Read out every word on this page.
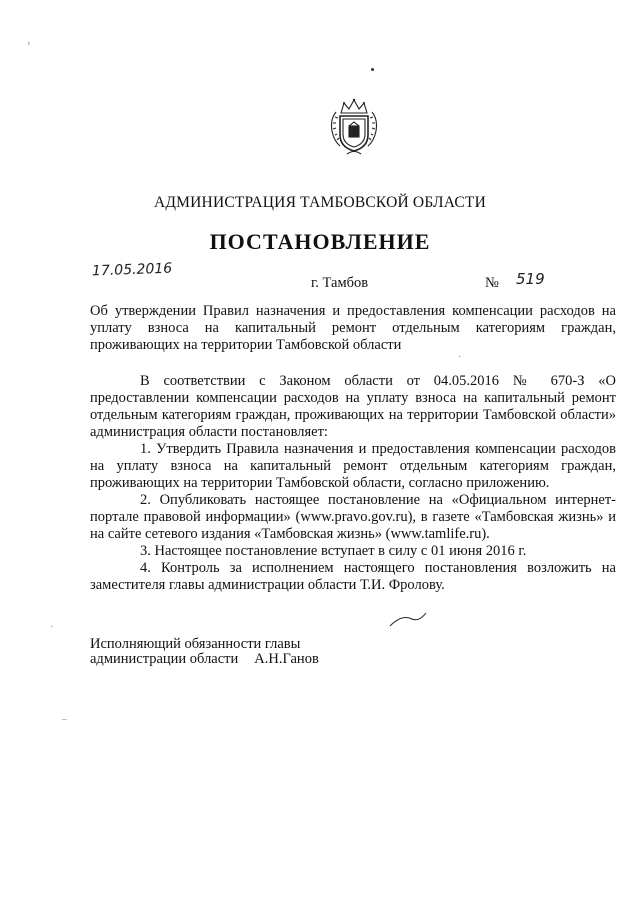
›
·
·
–
АДМИНИСТРАЦИЯ ТАМБОВСКОЙ ОБЛАСТИ
ПОСТАНОВЛЕНИЕ
17.05.2016
г. Тамбов	№ 519
Об утверждении Правил назначения и предоставления компенсации расходов на уплату взноса на капитальный ремонт отдельным категориям граждан, проживающих на территории Тамбовской области

В соответствии с Законом области от 04.05.2016 № 670-З «О предоставлении компенсации расходов на уплату взноса на капитальный ремонт отдельным категориям граждан, проживающих на территории Тамбовской области» администрация области постановляет:

1. Утвердить Правила назначения и предоставления компенсации расходов на уплату взноса на капитальный ремонт отдельным категориям граждан, проживающих на территории Тамбовской области, согласно приложению.

2. Опубликовать настоящее постановление на «Официальном интернет-портале правовой информации» (www.pravo.gov.ru), в газете «Тамбовская жизнь» и на сайте сетевого издания «Тамбовская жизнь» (www.tamlife.ru).

3. Настоящее постановление вступает в силу с 01 июня 2016 г.

4. Контроль за исполнением настоящего постановления возложить на заместителя главы администрации области Т.И. Фролову.

Исполняющий обязанности главы
администрации области А.Н.Ганов
